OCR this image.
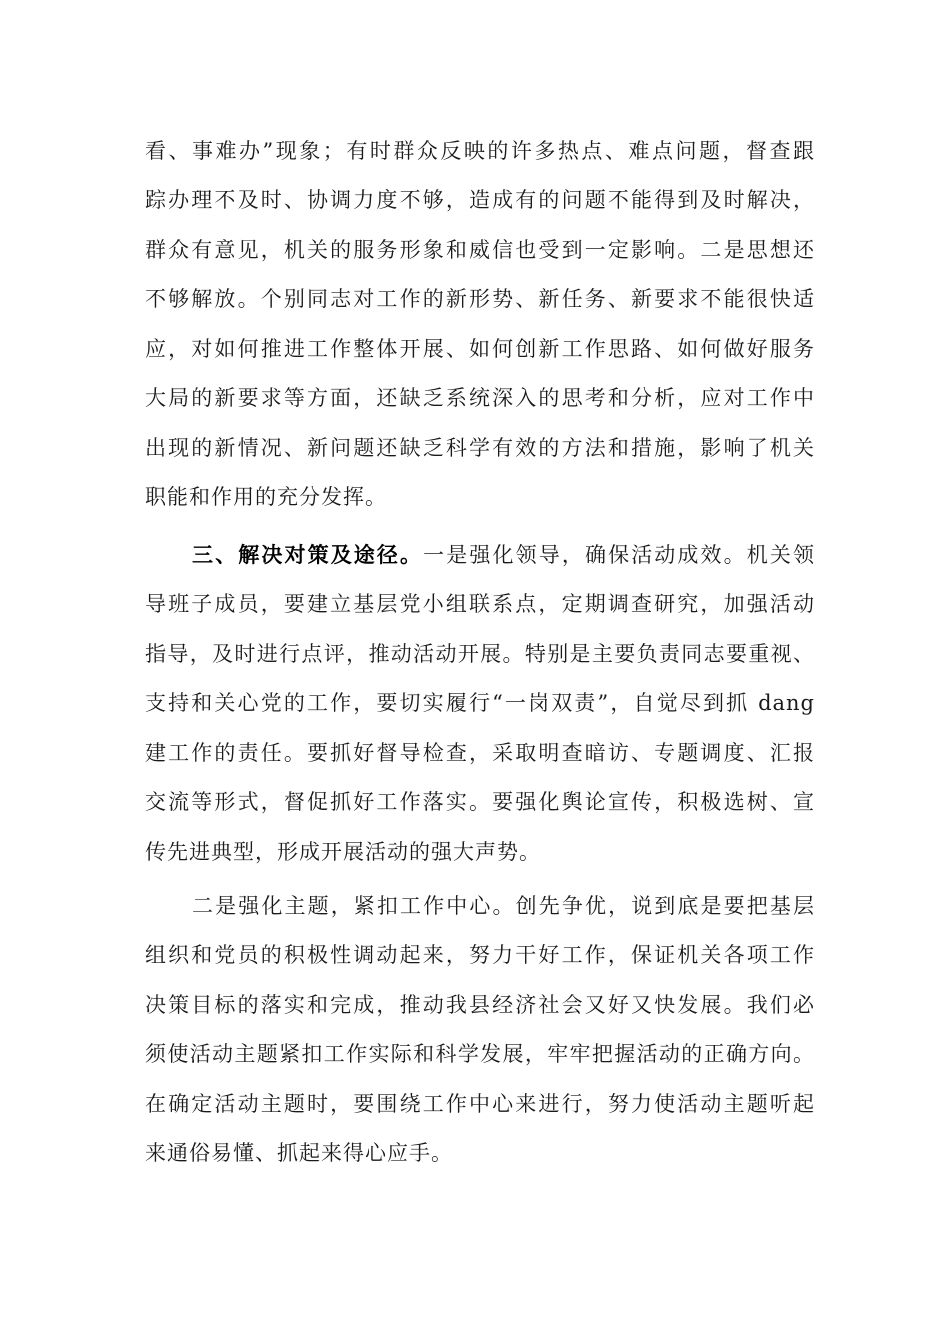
看、事难办”现象；有时群众反映的许多热点、难点问题，督查跟
踪办理不及时、协调力度不够，造成有的问题不能得到及时解决，
群众有意见，机关的服务形象和威信也受到一定影响。二是思想还
不够解放。个别同志对工作的新形势、新任务、新要求不能很快适
应，对如何推进工作整体开展、如何创新工作思路、如何做好服务
大局的新要求等方面，还缺乏系统深入的思考和分析，应对工作中
出现的新情况、新问题还缺乏科学有效的方法和措施，影响了机关
职能和作用的充分发挥。
三、解决对策及途径。一是强化领导，确保活动成效。机关领
导班子成员，要建立基层党小组联系点，定期调查研究，加强活动
指导，及时进行点评，推动活动开展。特别是主要负责同志要重视、
支持和关心党的工作，要切实履行“一岗双责”，自觉尽到抓 dang
建工作的责任。要抓好督导检查，采取明查暗访、专题调度、汇报
交流等形式，督促抓好工作落实。要强化舆论宣传，积极选树、宣
传先进典型，形成开展活动的强大声势。
二是强化主题，紧扣工作中心。创先争优，说到底是要把基层
组织和党员的积极性调动起来，努力干好工作，保证机关各项工作
决策目标的落实和完成，推动我县经济社会又好又快发展。我们必
须使活动主题紧扣工作实际和科学发展，牢牢把握活动的正确方向。
在确定活动主题时，要围绕工作中心来进行，努力使活动主题听起
来通俗易懂、抓起来得心应手。
